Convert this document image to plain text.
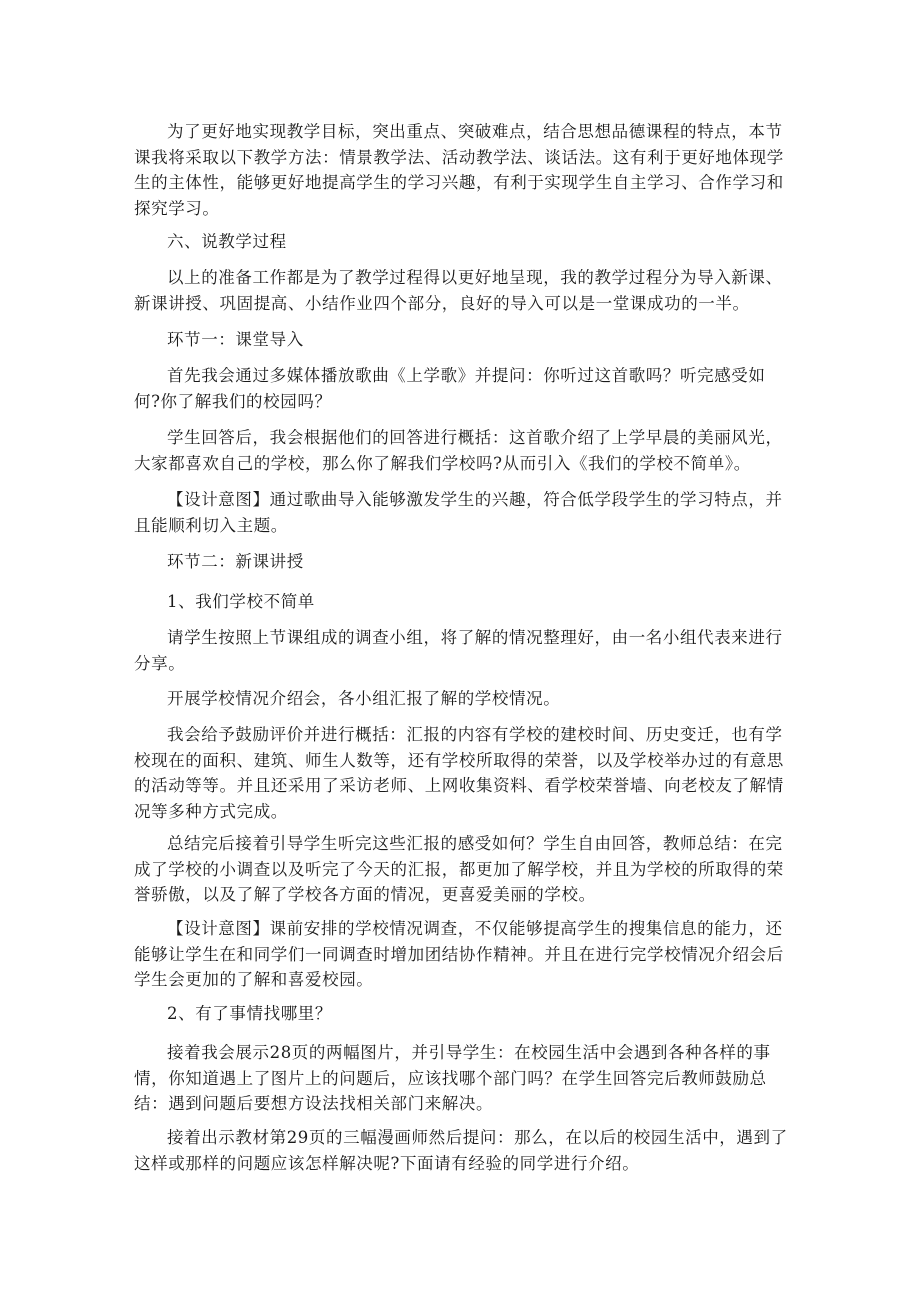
为了更好地实现教学目标，突出重点、突破难点，结合思想品德课程的特点，本节课我将采取以下教学方法：情景教学法、活动教学法、谈话法。这有利于更好地体现学生的主体性，能够更好地提高学生的学习兴趣，有利于实现学生自主学习、合作学习和探究学习。

六、说教学过程

以上的准备工作都是为了教学过程得以更好地呈现，我的教学过程分为导入新课、新课讲授、巩固提高、小结作业四个部分，良好的导入可以是一堂课成功的一半。

环节一：课堂导入

首先我会通过多媒体播放歌曲《上学歌》并提问：你听过这首歌吗？听完感受如何?你了解我们的校园吗？

学生回答后，我会根据他们的回答进行概括：这首歌介绍了上学早晨的美丽风光，大家都喜欢自己的学校，那么你了解我们学校吗?从而引入《我们的学校不简单》。

【设计意图】通过歌曲导入能够激发学生的兴趣，符合低学段学生的学习特点，并且能顺利切入主题。

环节二：新课讲授

1、我们学校不简单

请学生按照上节课组成的调查小组，将了解的情况整理好，由一名小组代表来进行分享。

开展学校情况介绍会，各小组汇报了解的学校情况。

我会给予鼓励评价并进行概括：汇报的内容有学校的建校时间、历史变迁，也有学校现在的面积、建筑、师生人数等，还有学校所取得的荣誉，以及学校举办过的有意思的活动等等。并且还采用了采访老师、上网收集资料、看学校荣誉墙、向老校友了解情况等多种方式完成。

总结完后接着引导学生听完这些汇报的感受如何？学生自由回答，教师总结：在完成了学校的小调查以及听完了今天的汇报，都更加了解学校，并且为学校的所取得的荣誉骄傲，以及了解了学校各方面的情况，更喜爱美丽的学校。

【设计意图】课前安排的学校情况调查，不仅能够提高学生的搜集信息的能力，还能够让学生在和同学们一同调查时增加团结协作精神。并且在进行完学校情况介绍会后学生会更加的了解和喜爱校园。

2、有了事情找哪里？

接着我会展示28页的两幅图片，并引导学生：在校园生活中会遇到各种各样的事情，你知道遇上了图片上的问题后，应该找哪个部门吗？在学生回答完后教师鼓励总结：遇到问题后要想方设法找相关部门来解决。

接着出示教材第29页的三幅漫画师然后提问：那么，在以后的校园生活中，遇到了这样或那样的问题应该怎样解决呢?下面请有经验的同学进行介绍。
